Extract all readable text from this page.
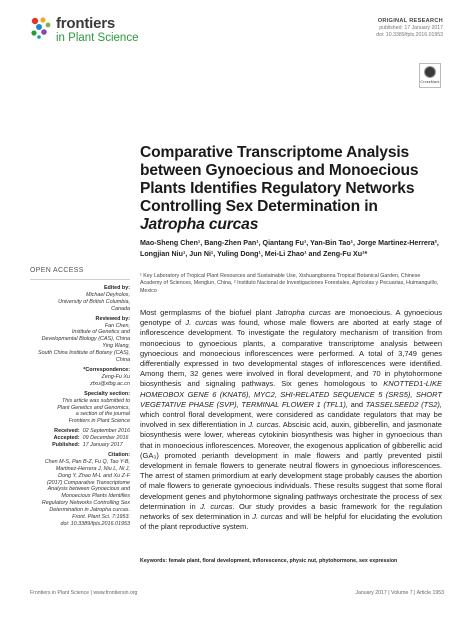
frontiers
in Plant Science
ORIGINAL RESEARCH
published: 17 January 2017
doi: 10.3389/fpls.2016.01953
CrossMark
Comparative Transcriptome Analysis between Gynoecious and Monoecious Plants Identifies Regulatory Networks Controlling Sex Determination in Jatropha curcas
Mao-Sheng Chen¹, Bang-Zhen Pan¹, Qiantang Fu¹, Yan-Bin Tao¹, Jorge Martinez-Herrera², Longjian Niu¹, Jun Ni¹, Yuling Dong¹, Mei-Li Zhao¹ and Zeng-Fu Xu¹*
¹ Key Laboratory of Tropical Plant Resources and Sustainable Use, Xishuangbanna Tropical Botanical Garden, Chinese Academy of Sciences, Menglun, China, ² Instituto Nacional de Investigaciones Forestales, Agrícolas y Pecuarias, Huimanguillo, Mexico
OPEN ACCESS
Edited by:
Michael Deyholos,
University of British Columbia,
Canada
Reviewed by:
Fan Chen,
Institute of Genetics and
Developmental Biology (CAS), China
Ying Wang,
South China Institute of Botany (CAS),
China
*Correspondence:
Zeng-Fu Xu
zfxu@xtbg.ac.cn
Specialty section:
This article was submitted to
Plant Genetics and Genomics,
a section of the journal
Frontiers in Plant Science
Received: 02 September 2016
Accepted: 09 December 2016
Published: 17 January 2017
Citation:
Chen M-S, Pan B-Z, Fu Q, Tao Y-B,
Martinez-Herrera J, Niu L, Ni J,
Dong Y, Zhao M-L and Xu Z-F
(2017) Comparative Transcriptome
Analysis between Gynoecious and
Monoecious Plants Identifies
Regulatory Networks Controlling Sex
Determination in Jatropha curcas.
Front. Plant Sci. 7:1953.
doi: 10.3389/fpls.2016.01953
Most germplasms of the biofuel plant Jatropha curcas are monoecious. A gynoecious genotype of J. curcas was found, whose male flowers are aborted at early stage of inflorescence development. To investigate the regulatory mechanism of transition from monoecious to gynoecious plants, a comparative transcriptome analysis between gynoecious and monoecious inflorescences were performed. A total of 3,749 genes differentially expressed in two developmental stages of inflorescences were identified. Among them, 32 genes were involved in floral development, and 70 in phytohormone biosynthesis and signaling pathways. Six genes homologous to KNOTTED1-LIKE HOMEOBOX GENE 6 (KNAT6), MYC2, SHI-RELATED SEQUENCE 5 (SRS5), SHORT VEGETATIVE PHASE (SVP), TERMINAL FLOWER 1 (TFL1), and TASSELSEED2 (TS2), which control floral development, were considered as candidate regulators that may be involved in sex differentiation in J. curcas. Abscisic acid, auxin, gibberellin, and jasmonate biosynthesis were lower, whereas cytokinin biosynthesis was higher in gynoecious than that in monoecious inflorescences. Moreover, the exogenous application of gibberellic acid (GA₃) promoted perianth development in male flowers and partly prevented pistil development in female flowers to generate neutral flowers in gynoecious inflorescences. The arrest of stamen primordium at early development stage probably causes the abortion of male flowers to generate gynoecious individuals. These results suggest that some floral development genes and phytohormone signaling pathways orchestrate the process of sex determination in J. curcas. Our study provides a basic framework for the regulation networks of sex determination in J. curcas and will be helpful for elucidating the evolution of the plant reproductive system.
Keywords: female plant, floral development, inflorescence, physic nut, phytohormone, sex expression
Frontiers in Plant Science | www.frontiersin.org	January 2017 | Volume 7 | Article 1953
